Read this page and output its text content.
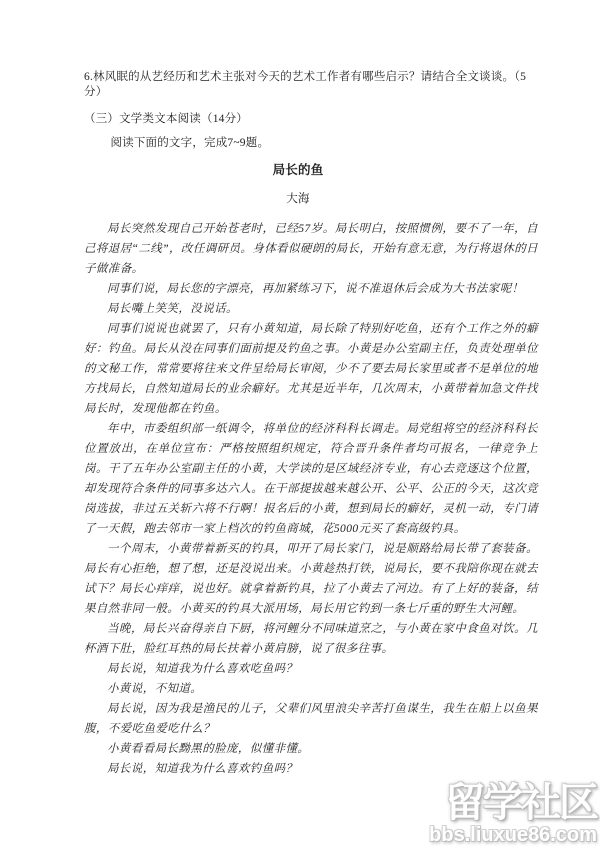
6.林风眠的从艺经历和艺术主张对今天的艺术工作者有哪些启示？请结合全文谈谈。（5分）

（三）文学类文本阅读（14分）

阅读下面的文字，完成7~9题。

局长的鱼

大海

局长突然发现自己开始苍老时，已经57岁。局长明白，按照惯例，要不了一年，自己将退居“二线”，改任调研员。身体看似硬朗的局长，开始有意无意，为行将退休的日子做准备。

同事们说，局长您的字漂亮，再加紧练习下，说不准退休后会成为大书法家呢！

局长嘴上笑笑，没说话。

同事们说说也就罢了，只有小黄知道，局长除了特别好吃鱼，还有个工作之外的癖好：钓鱼。局长从没在同事们面前提及钓鱼之事。小黄是办公室副主任，负责处理单位的文秘工作，常常要将往来文件呈给局长审阅，少不了要去局长家里或者不是单位的地方找局长，自然知道局长的业余癖好。尤其是近半年，几次周末，小黄带着加急文件找局长时，发现他都在钓鱼。

年中，市委组织部一纸调令，将单位的经济科科长调走。局党组将空的经济科科长位置放出，在单位宣布：严格按照组织规定，符合晋升条件者均可报名，一律竞争上岗。干了五年办公室副主任的小黄，大学读的是区域经济专业，有心去竞逐这个位置，却发现符合条件的同事多达六人。在干部提拔越来越公开、公平、公正的今天，这次竞岗选拔，非过五关斩六将不行啊！报名后的小黄，想到局长的癖好，灵机一动，专门请了一天假，跑去邻市一家上档次的钓鱼商城，花5000元买了套高级钓具。

一个周末，小黄带着新买的钓具，叩开了局长家门，说是顺路给局长带了套装备。局长有心拒绝，想了想，还是没说出来。小黄趁热打铁，说局长，要不我陪你现在就去试下？局长心痒痒，说也好。就拿着新钓具，拉了小黄去了河边。有了上好的装备，结果自然非同一般。小黄买的钓具大派用场，局长用它钓到一条七斤重的野生大河鲤。

当晚，局长兴奋得亲自下厨，将河鲤分不同味道烹之，与小黄在家中食鱼对饮。几杯酒下肚，脸红耳热的局长扶着小黄肩膀，说了很多往事。

局长说，知道我为什么喜欢吃鱼吗？

小黄说，不知道。

局长说，因为我是渔民的儿子，父辈们风里浪尖辛苦打鱼谋生，我生在船上以鱼果腹，不爱吃鱼爱吃什么？

小黄看看局长黝黑的脸庞，似懂非懂。

局长说，知道我为什么喜欢钓鱼吗？

留学社区
bbs.liuxue86.com
